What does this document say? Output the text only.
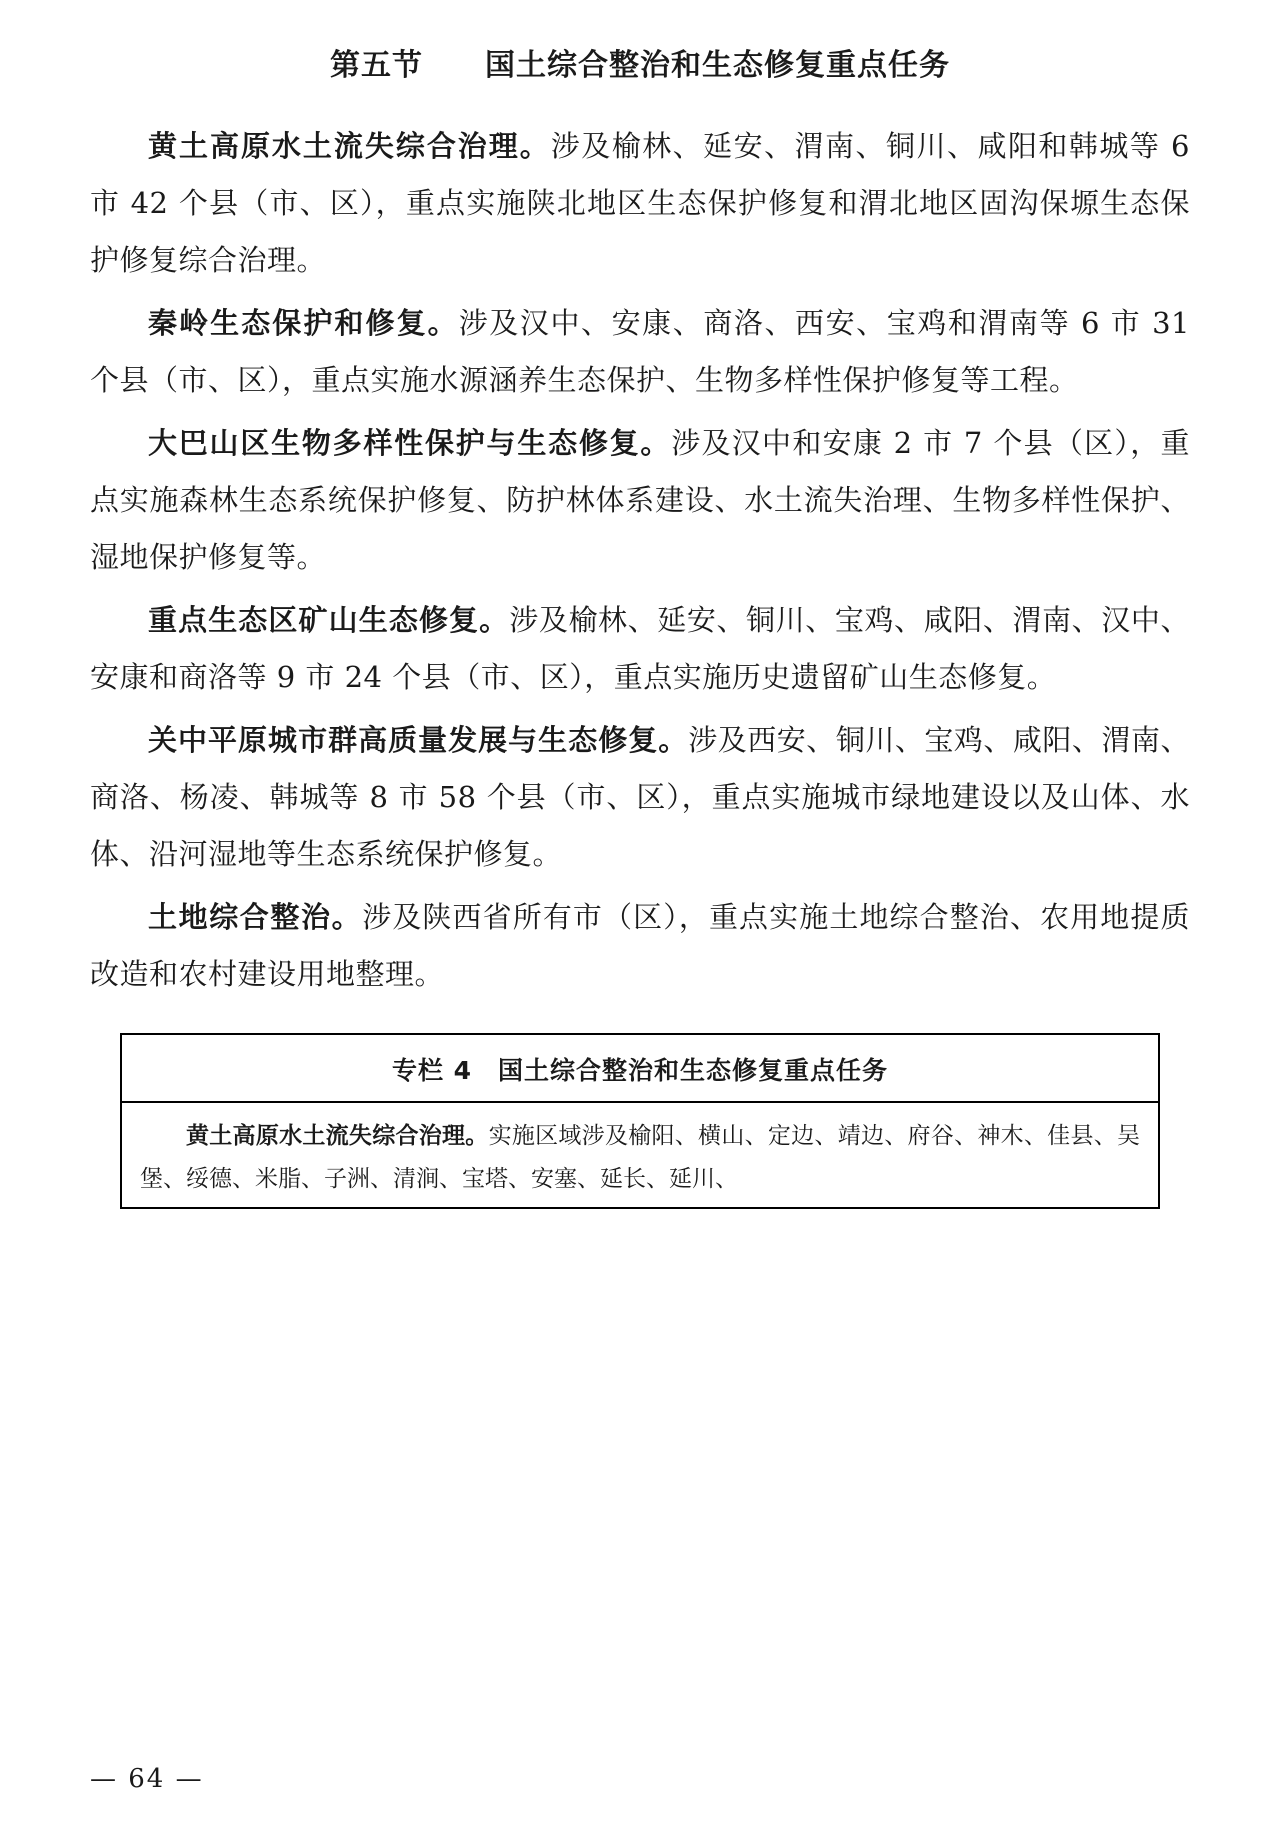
第五节　　国土综合整治和生态修复重点任务

黄土高原水土流失综合治理。涉及榆林、延安、渭南、铜川、咸阳和韩城等 6 市 42 个县（市、区），重点实施陕北地区生态保护修复和渭北地区固沟保塬生态保护修复综合治理。

秦岭生态保护和修复。涉及汉中、安康、商洛、西安、宝鸡和渭南等 6 市 31 个县（市、区），重点实施水源涵养生态保护、生物多样性保护修复等工程。

大巴山区生物多样性保护与生态修复。涉及汉中和安康 2 市 7 个县（区），重点实施森林生态系统保护修复、防护林体系建设、水土流失治理、生物多样性保护、湿地保护修复等。

重点生态区矿山生态修复。涉及榆林、延安、铜川、宝鸡、咸阳、渭南、汉中、安康和商洛等 9 市 24 个县（市、区），重点实施历史遗留矿山生态修复。

关中平原城市群高质量发展与生态修复。涉及西安、铜川、宝鸡、咸阳、渭南、商洛、杨凌、韩城等 8 市 58 个县（市、区），重点实施城市绿地建设以及山体、水体、沿河湿地等生态系统保护修复。

土地综合整治。涉及陕西省所有市（区），重点实施土地综合整治、农用地提质改造和农村建设用地整理。

专栏 4　国土综合整治和生态修复重点任务

黄土高原水土流失综合治理。实施区域涉及榆阳、横山、定边、靖边、府谷、神木、佳县、吴堡、绥德、米脂、子洲、清涧、宝塔、安塞、延长、延川、

— 64 —
